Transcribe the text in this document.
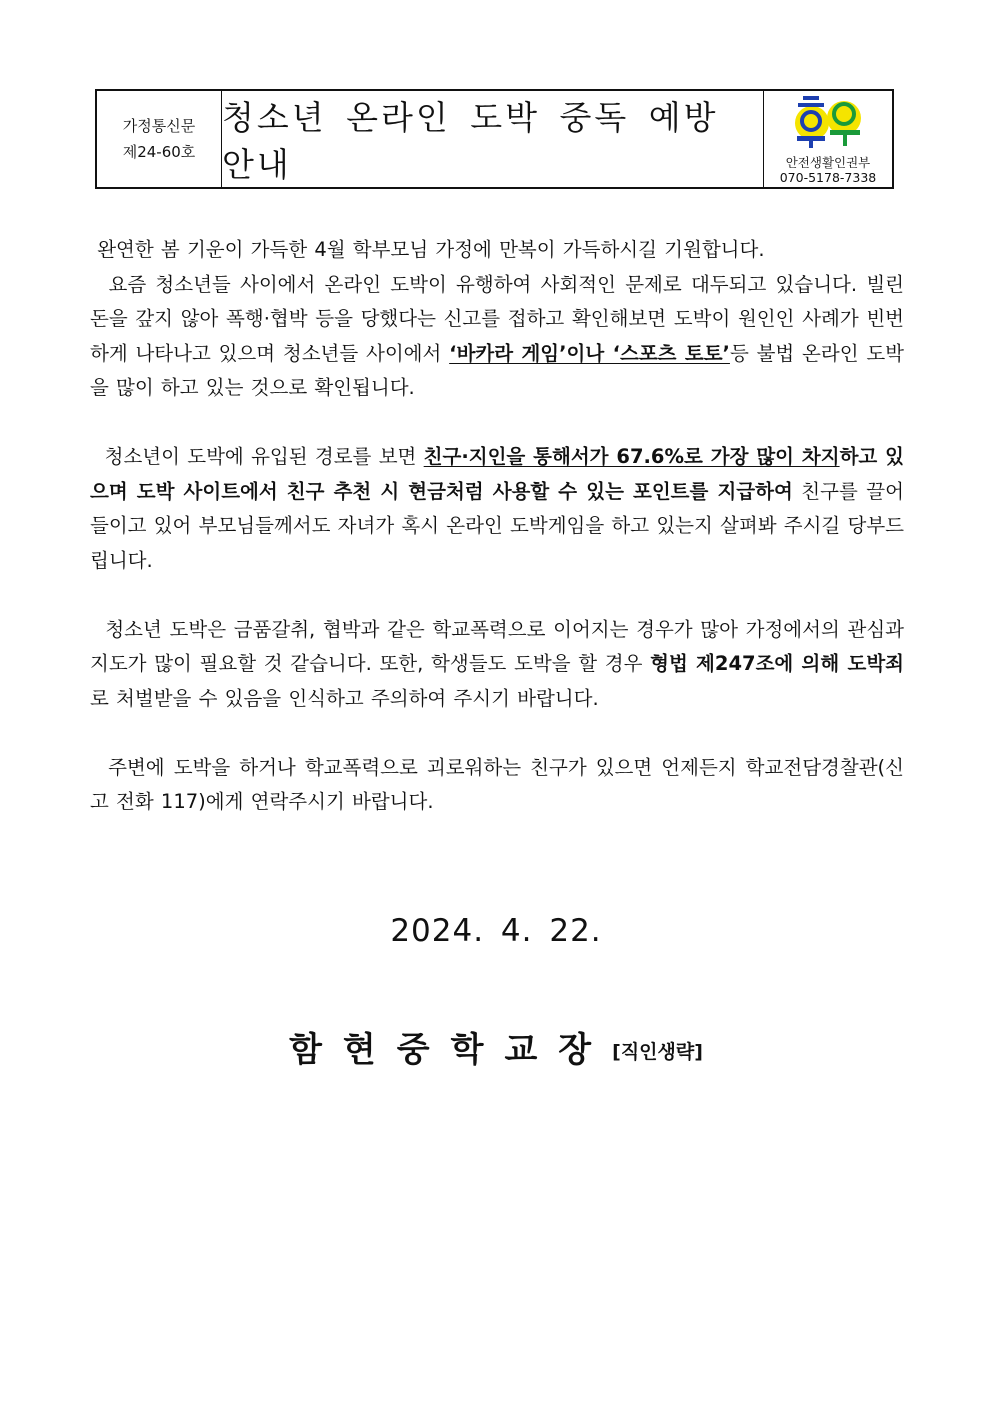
가정통신문
제24-60호
청소년 온라인 도박 중독 예방 안내	안전생활인권부
070-5178-7338

완연한 봄 기운이 가득한 4월 학부모님 가정에 만복이 가득하시길 기원합니다.

요즘 청소년들 사이에서 온라인 도박이 유행하여 사회적인 문제로 대두되고 있습니다. 빌린 돈을 갚지 않아 폭행·협박 등을 당했다는 신고를 접하고 확인해보면 도박이 원인인 사례가 빈번하게 나타나고 있으며 청소년들 사이에서 ‘바카라 게임’이나 ‘스포츠 토토’등 불법 온라인 도박을 많이 하고 있는 것으로 확인됩니다.

청소년이 도박에 유입된 경로를 보면 친구·지인을 통해서가 67.6%로 가장 많이 차지하고 있으며 도박 사이트에서 친구 추천 시 현금처럼 사용할 수 있는 포인트를 지급하여 친구를 끌어들이고 있어 부모님들께서도 자녀가 혹시 온라인 도박게임을 하고 있는지 살펴봐 주시길 당부드립니다.

청소년 도박은 금품갈취, 협박과 같은 학교폭력으로 이어지는 경우가 많아 가정에서의 관심과 지도가 많이 필요할 것 같습니다. 또한, 학생들도 도박을 할 경우 형법 제247조에 의해 도박죄로 처벌받을 수 있음을 인식하고 주의하여 주시기 바랍니다.

주변에 도박을 하거나 학교폭력으로 괴로워하는 친구가 있으면 언제든지 학교전담경찰관(신고 전화 117)에게 연락주시기 바랍니다.

2024. 4. 22.
함현중학교장[직인생략]
